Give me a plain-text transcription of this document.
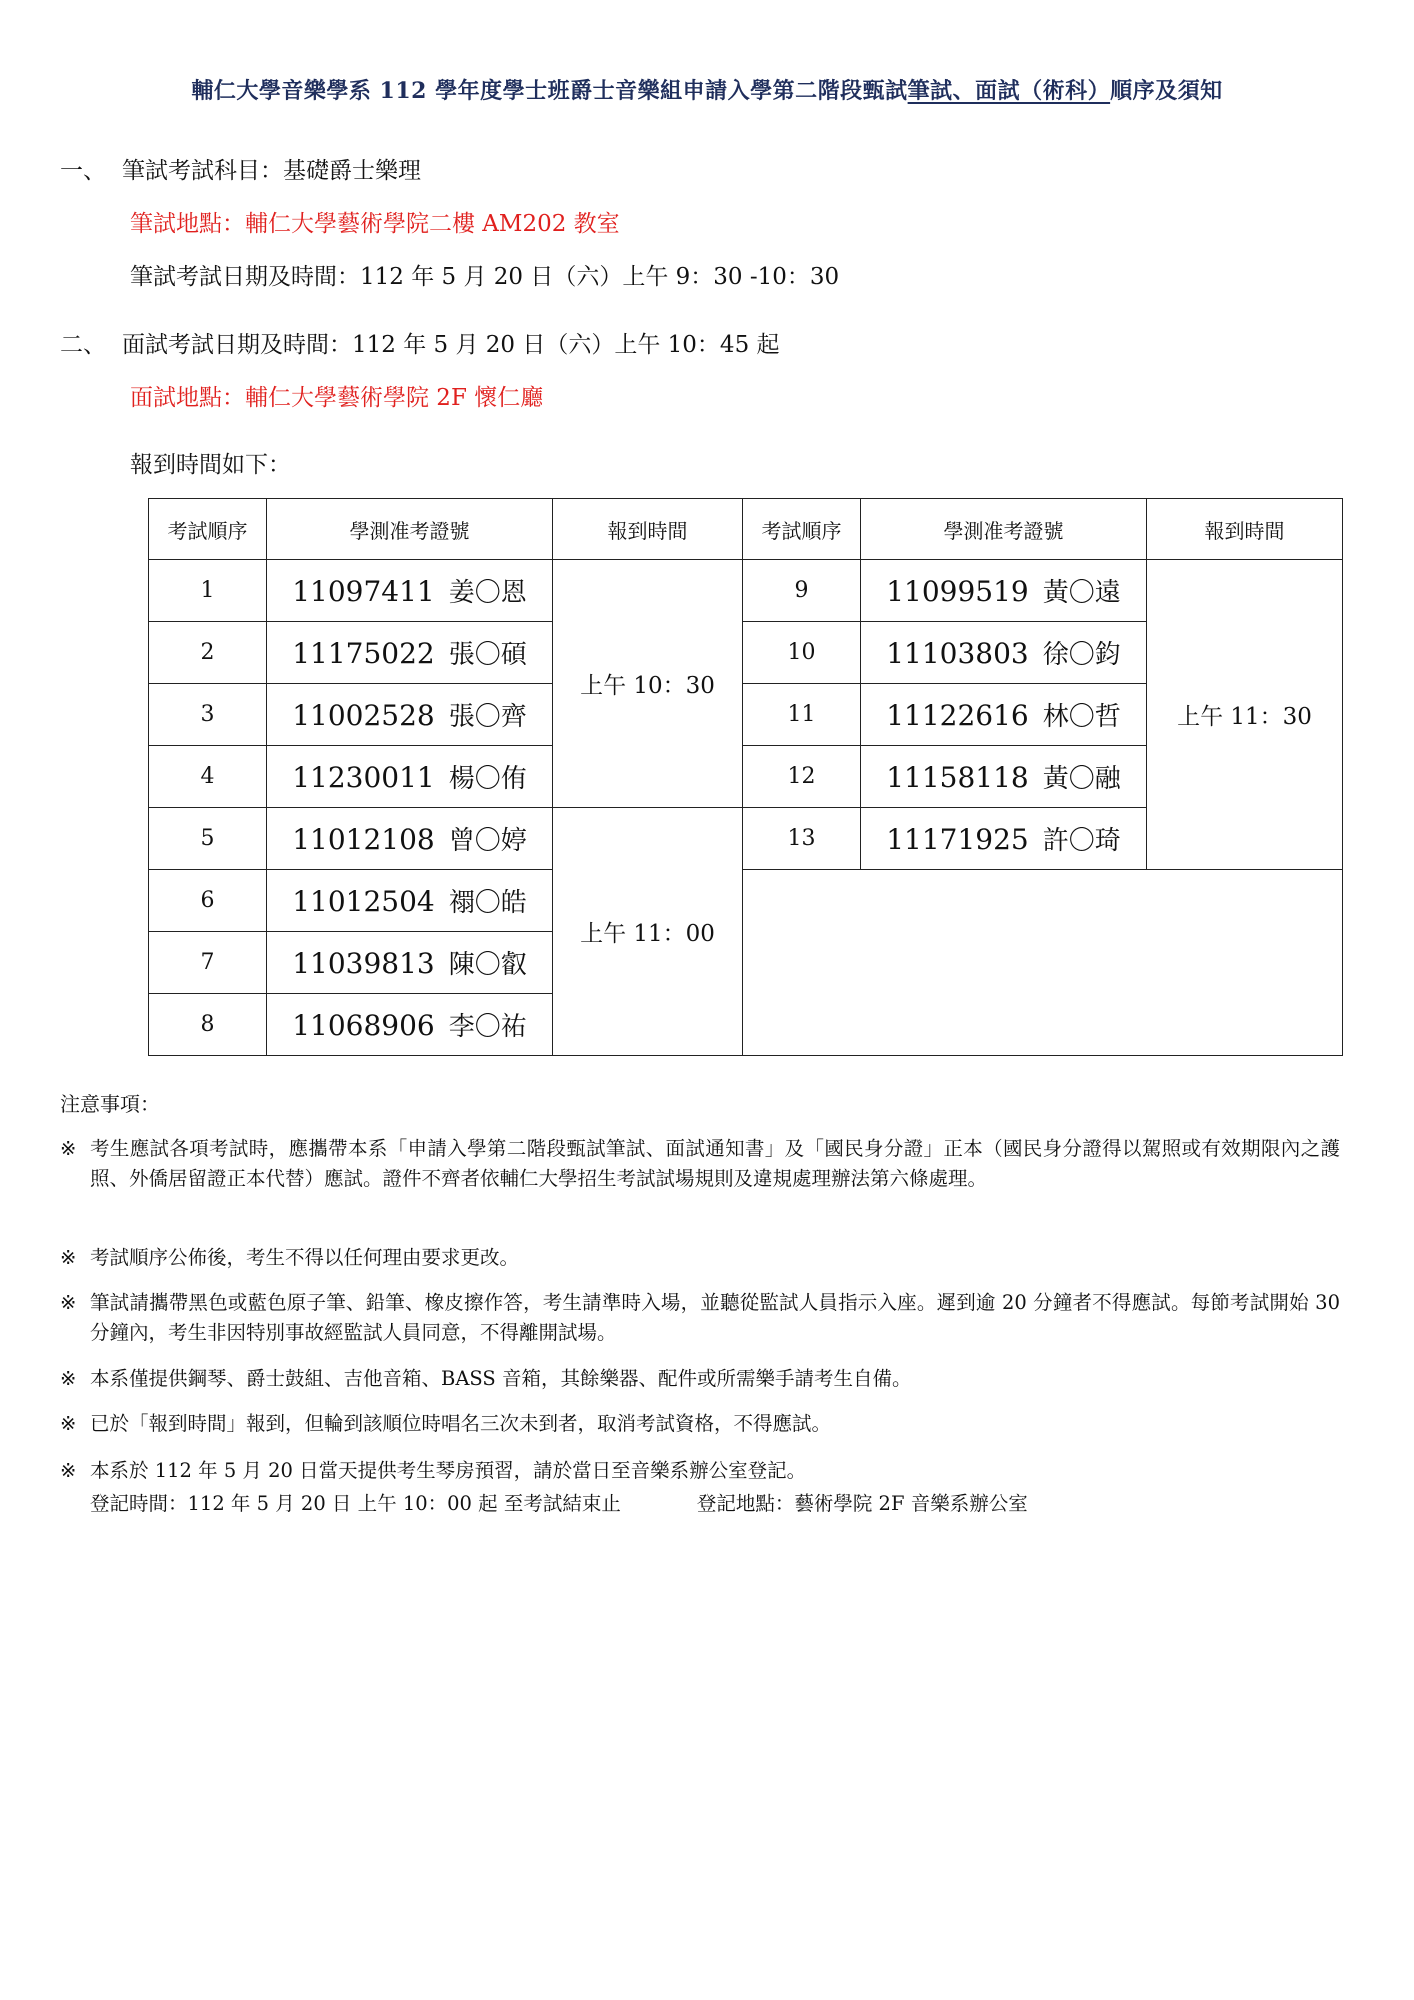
輔仁大學音樂學系 112 學年度學士班爵士音樂組申請入學第二階段甄試筆試、面試（術科）順序及須知
一、 筆試考試科目：基礎爵士樂理
筆試地點：輔仁大學藝術學院二樓 AM202 教室
筆試考試日期及時間：112 年 5 月 20 日（六）上午 9：30 -10：30
二、 面試考試日期及時間：112 年 5 月 20 日（六）上午 10：45 起
面試地點：輔仁大學藝術學院 2F 懷仁廳
報到時間如下：
考試順序	學測准考證號	報到時間	考試順序	學測准考證號	報到時間
1	11097411 姜〇恩	上午 10：30	9	11099519 黃〇遠	上午 11：30
2	11175022 張〇碩		10	11103803 徐〇鈞	
3	11002528 張〇齊		11	11122616 林〇哲	
4	11230011 楊〇侑		12	11158118 黃〇融	
5	11012108 曾〇婷	上午 11：00	13	11171925 許〇琦	
6	11012504 禤〇皓				
7	11039813 陳〇叡				
8	11068906 李〇祐				
注意事項：
※ 考生應試各項考試時，應攜帶本系「申請入學第二階段甄試筆試、面試通知書」及「國民身分證」正本（國民身分證得以駕照或有效期限內之護照、外僑居留證正本代替）應試。證件不齊者依輔仁大學招生考試試場規則及違規處理辦法第六條處理。
※ 考試順序公佈後，考生不得以任何理由要求更改。
※ 筆試請攜帶黑色或藍色原子筆、鉛筆、橡皮擦作答，考生請準時入場，並聽從監試人員指示入座。遲到逾 20 分鐘者不得應試。每節考試開始 30 分鐘內，考生非因特別事故經監試人員同意，不得離開試場。
※ 本系僅提供鋼琴、爵士鼓組、吉他音箱、BASS 音箱，其餘樂器、配件或所需樂手請考生自備。
※ 已於「報到時間」報到，但輪到該順位時唱名三次未到者，取消考試資格，不得應試。
※ 本系於 112 年 5 月 20 日當天提供考生琴房預習，請於當日至音樂系辦公室登記。
登記時間：112 年 5 月 20 日 上午 10：00 起 至考試結束止	登記地點：藝術學院 2F 音樂系辦公室
